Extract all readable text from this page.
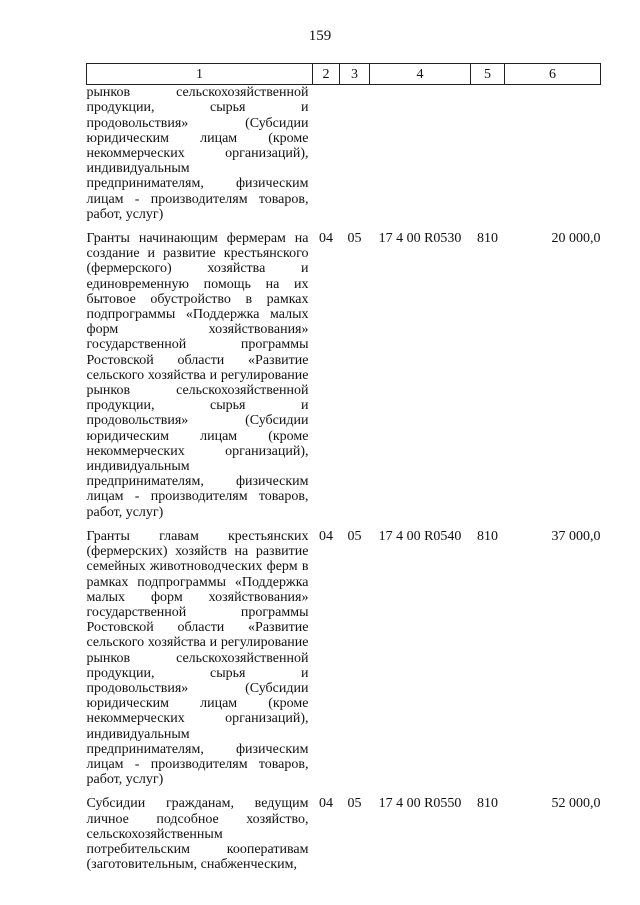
159
1	2	3	4	5	6
рынков сельскохозяйственной продукции, сырья и продовольствия» (Субсидии юридическим лицам (кроме некоммерческих организаций), индивидуальным предпринимателям, физическим лицам - производителям товаров, работ, услуг)					
Гранты начинающим фермерам на создание и развитие крестьянского (фермерского) хозяйства и единовременную помощь на их бытовое обустройство в рамках подпрограммы «Поддержка малых форм хозяйствования» государственной программы Ростовской области «Развитие сельского хозяйства и регулирование рынков сельскохозяйственной продукции, сырья и продовольствия» (Субсидии юридическим лицам (кроме некоммерческих организаций), индивидуальным предпринимателям, физическим лицам - производителям товаров, работ, услуг)	04	05	17 4 00 R0530	810	20 000,0
Гранты главам крестьянских (фермерских) хозяйств на развитие семейных животноводческих ферм в рамках подпрограммы «Поддержка малых форм хозяйствования» государственной программы Ростовской области «Развитие сельского хозяйства и регулирование рынков сельскохозяйственной продукции, сырья и продовольствия» (Субсидии юридическим лицам (кроме некоммерческих организаций), индивидуальным предпринимателям, физическим лицам - производителям товаров, работ, услуг)	04	05	17 4 00 R0540	810	37 000,0
Субсидии гражданам, ведущим личное подсобное хозяйство, сельскохозяйственным потребительским кооперативам (заготовительным, снабженческим,	04	05	17 4 00 R0550	810	52 000,0
